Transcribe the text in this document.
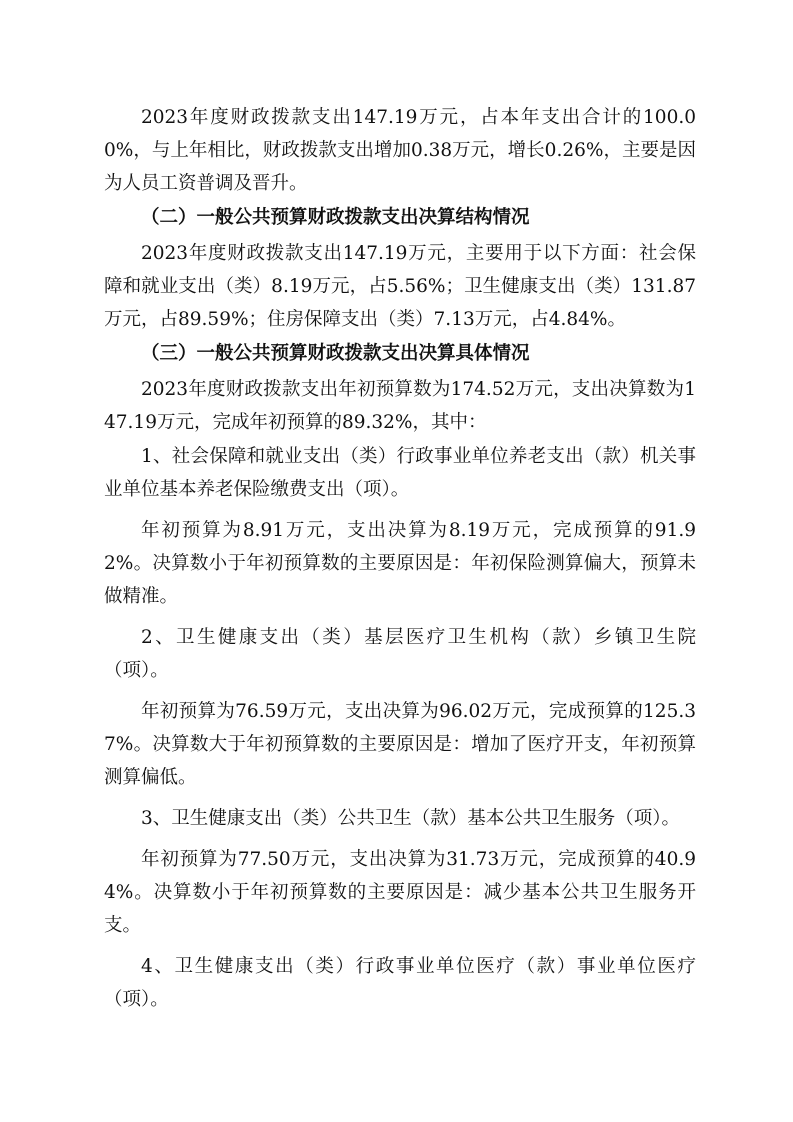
2023年度财政拨款支出147.19万元，占本年支出合计的100.00%，与上年相比，财政拨款支出增加0.38万元，增长0.26%，主要是因为人员工资普调及晋升。

（二）一般公共预算财政拨款支出决算结构情况

2023年度财政拨款支出147.19万元，主要用于以下方面：社会保障和就业支出（类）8.19万元，占5.56%；卫生健康支出（类）131.87万元，占89.59%；住房保障支出（类）7.13万元，占4.84%。

（三）一般公共预算财政拨款支出决算具体情况

2023年度财政拨款支出年初预算数为174.52万元，支出决算数为147.19万元，完成年初预算的89.32%，其中：

1、社会保障和就业支出（类）行政事业单位养老支出（款）机关事业单位基本养老保险缴费支出（项）。

年初预算为8.91万元，支出决算为8.19万元，完成预算的91.92%。决算数小于年初预算数的主要原因是：年初保险测算偏大，预算未做精准。

2、卫生健康支出（类）基层医疗卫生机构（款）乡镇卫生院（项）。

年初预算为76.59万元，支出决算为96.02万元，完成预算的125.37%。决算数大于年初预算数的主要原因是：增加了医疗开支，年初预算测算偏低。

3、卫生健康支出（类）公共卫生（款）基本公共卫生服务（项）。

年初预算为77.50万元，支出决算为31.73万元，完成预算的40.94%。决算数小于年初预算数的主要原因是：减少基本公共卫生服务开支。

4、卫生健康支出（类）行政事业单位医疗（款）事业单位医疗（项）。
